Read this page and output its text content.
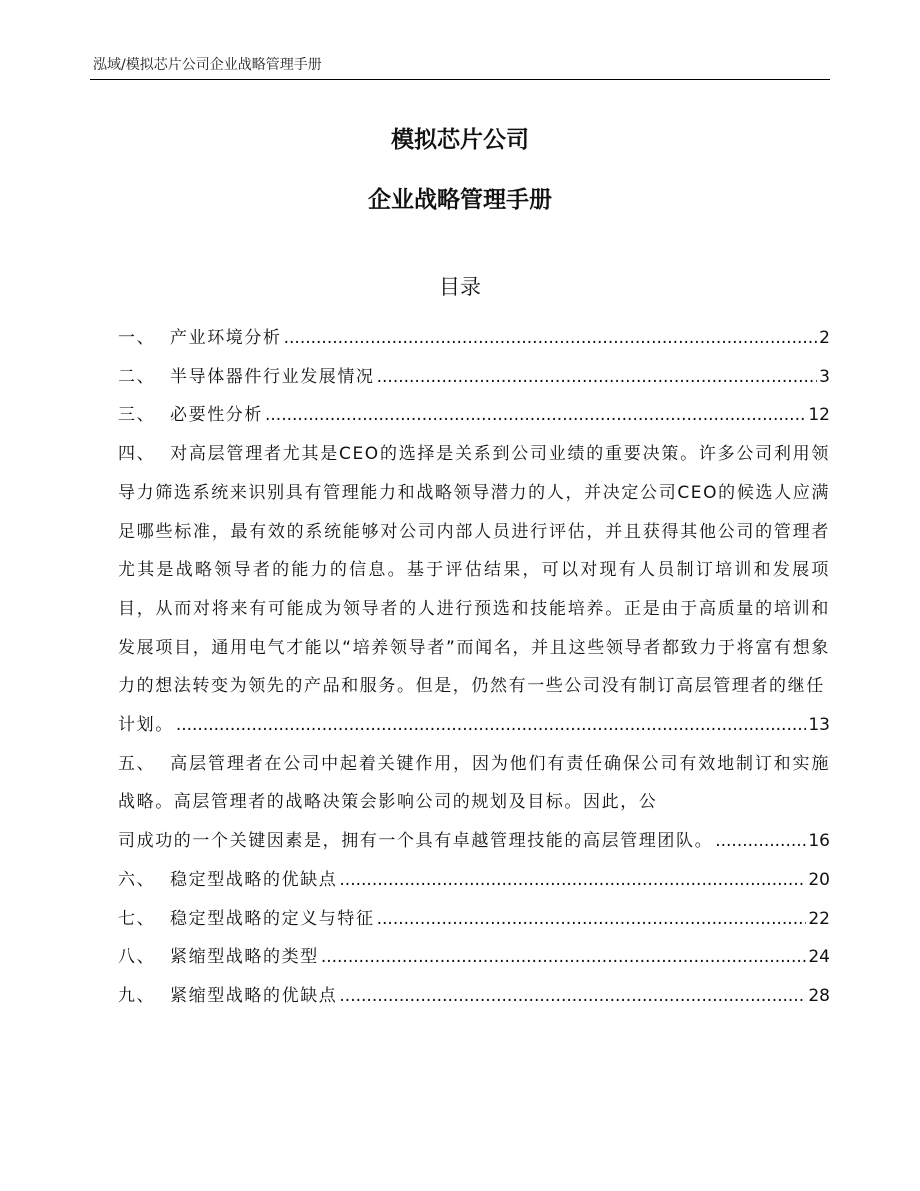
泓域/模拟芯片公司企业战略管理手册
模拟芯片公司
企业战略管理手册
目录
一、 产业环境分析 .....	2
二、 半导体器件行业发展情况 .....	3
三、 必要性分析 .....	12
四、 对高层管理者尤其是CEO的选择是关系到公司业绩的重要决策。许多公司利用领导力筛选系统来识别具有管理能力和战略领导潜力的人，并决定公司CEO的候选人应满足哪些标准，最有效的系统能够对公司内部人员进行评估，并且获得其他公司的管理者尤其是战略领导者的能力的信息。基于评估结果，可以对现有人员制订培训和发展项目，从而对将来有可能成为领导者的人进行预选和技能培养。正是由于高质量的培训和发展项目，通用电气才能以“培养领导者”而闻名，并且这些领导者都致力于将富有想象力的想法转变为领先的产品和服务。但是，仍然有一些公司没有制订高层管理者的继任
计划。 .....	13
五、 高层管理者在公司中起着关键作用，因为他们有责任确保公司有效地制订和实施战略。高层管理者的战略决策会影响公司的规划及目标。因此，公
司成功的一个关键因素是，拥有一个具有卓越管理技能的高层管理团队。 .....	16
六、 稳定型战略的优缺点 .....	20
七、 稳定型战略的定义与特征 .....	22
八、 紧缩型战略的类型 .....	24
九、 紧缩型战略的优缺点 .....	28
